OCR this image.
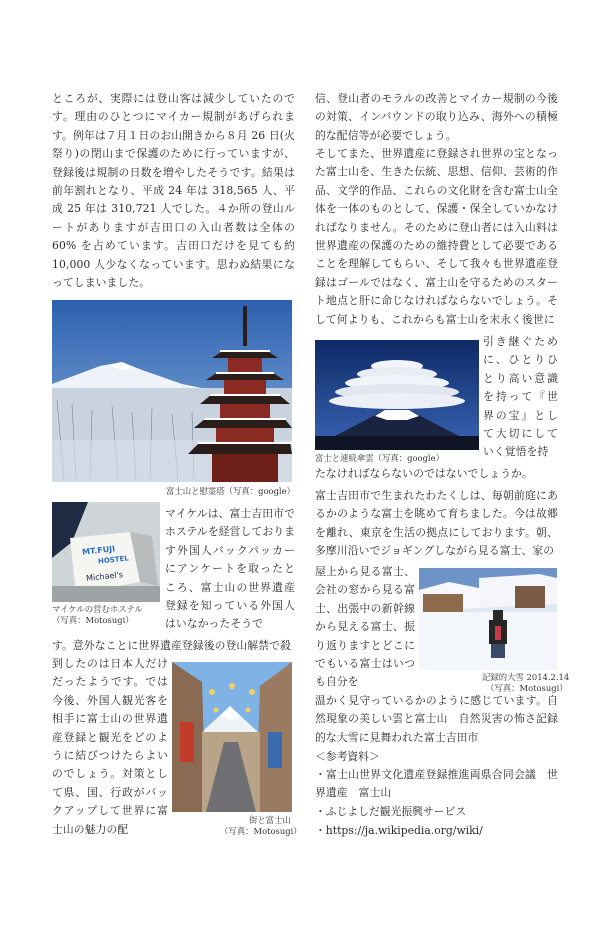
ところが、実際には登山客は減少していたのです。理由のひとつにマイカー規制があげられます。例年は７月１日のお山開きから８月 26 日(火祭り)の閉山まで保護のために行っていますが、登録後は規制の日数を増やしたそうです。結果は前年割れとなり、平成 24 年は 318,565 人、平成 25 年は 310,721 人でした。４か所の登山ルートがありますが吉田口の入山者数は全体の 60% を占めています。吉田口だけを見ても約 10,000 人少なくなっています。思わぬ結果になってしまいました。

富士山と慰霊塔（写真：google）

MT.FUJI
HOSTEL
Michael's

マイケルの営むホステル

（写真：Motosugi）

マイケルは、富士吉田市でホステルを経営しております外国人バックパッカーにアンケートを取ったところ、富士山の世界遺産登録を知っている外国人はいなかったそうで

す。意外なことに世界遺産登録後の登山解禁で殺

到したのは日本人だけだったようです。では今後、外国人観光客を相手に富士山の世界遺産登録と観光をどのように結びつけたらよいのでしょう。対策として県、国、行政がバックアップして世界に富士山の魅力の配

街と富士山

（写真：Motosugi）

信、登山者のモラルの改善とマイカー規制の今後の対策、インバウンドの取り込み、海外への積極的な配信等が必要でしょう。

そしてまた、世界遺産に登録され世界の宝となった富士山を、生きた伝統、思想、信仰、芸術的作品、文学的作品、これらの文化財を含む富士山全体を一体のものとして、保護・保全していかなければなりません。そのために登山者には入山料は世界遺産の保護のための維持費として必要であることを理解してもらい、そして我々も世界遺産登録はゴールではなく、富士山を守るためのスタート地点と肝に命じなければならないでしょう。そして何よりも、これからも富士山を末永く後世に

富士と連続傘雲（写真：google）

引き継ぐために、ひとりひとり高い意識を持って『世界の宝』として大切にしていく覚悟を持

たなければならないのではないでしょうか。

富士吉田市で生まれたわたくしは、毎朝前庭にあるかのような富士を眺めて育ちました。今は故郷を離れ、東京を生活の拠点にしております。朝、多摩川沿いでジョギングしながら見る富士、家の

屋上から見る富士、会社の窓から見る富士、出張中の新幹線から見える富士、振り返りますとどこにでもいる富士はいつも自分を	記録的大雪 2014.2.14

（写真：Motosugi）

温かく見守っているかのように感じています。自然現象の美しい雲と富士山　自然災害の怖さ記録的な大雪に見舞われた富士吉田市

＜参考資料＞

・富士山世界文化遺産登録推進両県合同会議　世界遺産　富士山

・ふじよしだ観光振興サービス

・https://ja.wikipedia.org/wiki/
